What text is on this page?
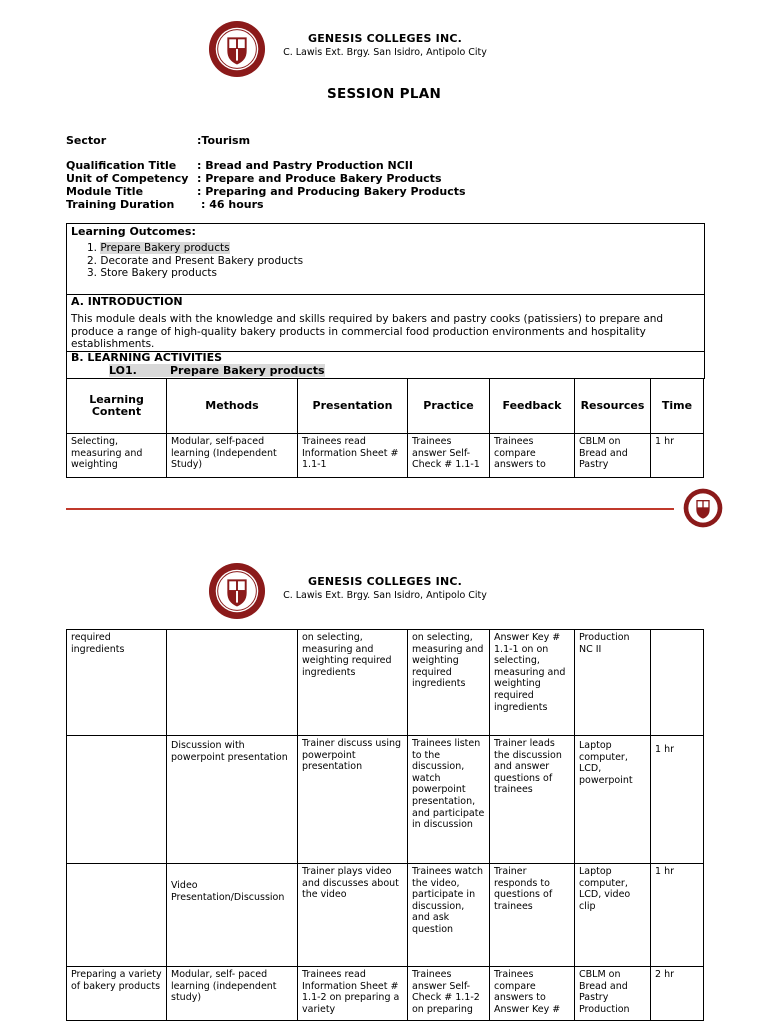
GENESIS COLLEGES INC.
C. Lawis Ext. Brgy. San Isidro, Antipolo City
SESSION PLAN
Sector	:Tourism
Qualification Title : Bread and Pastry Production NCII
Unit of Competency : Prepare and Produce Bakery Products
Module Title	: Preparing and Producing Bakery Products
Training Duration : 46 hours
Learning Outcomes:
1. Prepare Bakery products
2. Decorate and Present Bakery products
3. Store Bakery products
A. INTRODUCTION
This module deals with the knowledge and skills required by bakers and pastry cooks (patissiers) to prepare and produce a range of high-quality bakery products in commercial food production environments and hospitality establishments.
B. LEARNING ACTIVITIES
LO1.	Prepare Bakery products
Learning Content	Methods	Presentation	Practice	Feedback	Resources	Time
Selecting, measuring and weighting	Modular, self-paced learning (Independent Study)	Trainees read Information Sheet # 1.1-1	Trainees answer Self-Check # 1.1-1	Trainees compare answers to	CBLM on Bread and Pastry	1 hr
GENESIS COLLEGES INC.
C. Lawis Ext. Brgy. San Isidro, Antipolo City
required ingredients		on selecting, measuring and weighting required ingredients	on selecting, measuring and weighting required ingredients	Answer Key # 1.1-1 on on selecting, measuring and weighting required ingredients	Production NC II	
	Discussion with powerpoint presentation	Trainer discuss using powerpoint presentation	Trainees listen to the discussion, watch powerpoint presentation, and participate in discussion	Trainer leads the discussion and answer questions of trainees	Laptop computer, LCD, powerpoint	1 hr
	Video Presentation/Discussion	Trainer plays video and discusses about the video	Trainees watch the video, participate in discussion, and ask question	Trainer responds to questions of trainees	Laptop computer, LCD, video clip	1 hr
Preparing a variety of bakery products	Modular, self- paced learning (independent study)	Trainees read Information Sheet # 1.1-2 on preparing a variety	Trainees answer Self-Check # 1.1-2 on preparing	Trainees compare answers to Answer Key #	CBLM on Bread and Pastry Production	2 hr
